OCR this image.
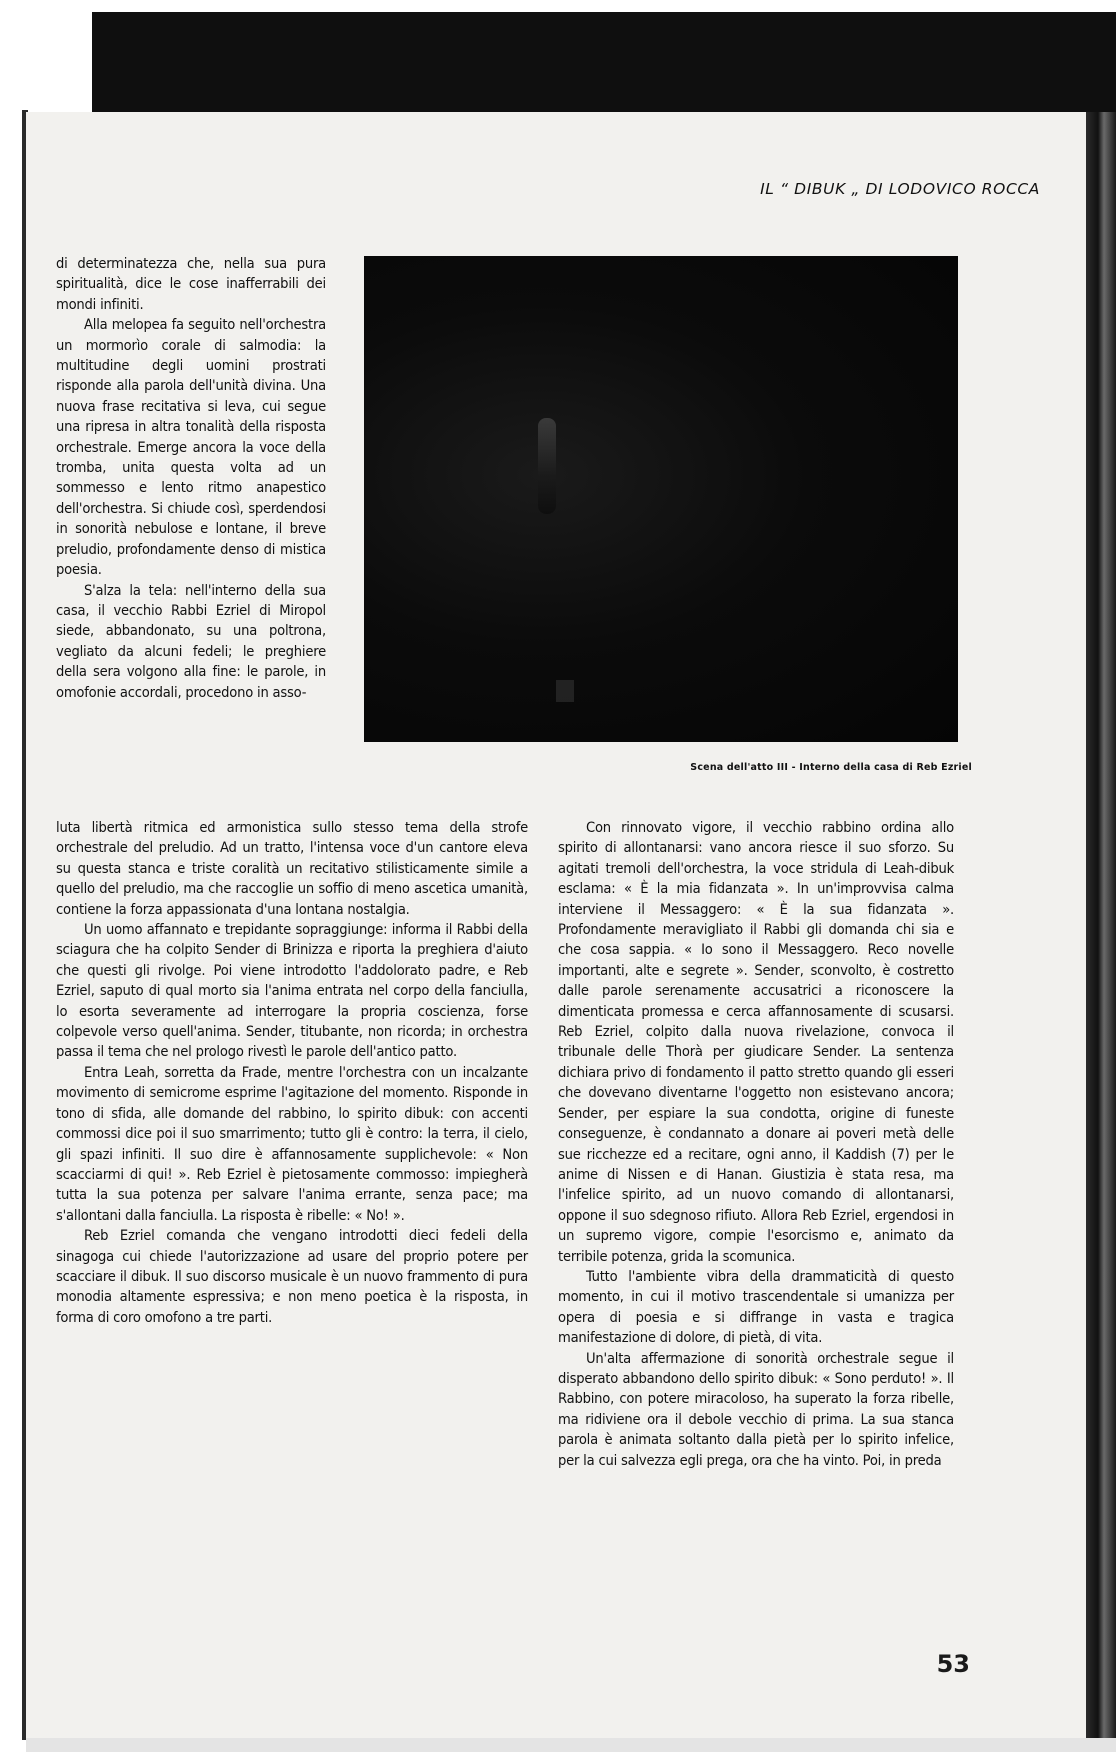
IL “ DIBUK „ DI LODOVICO ROCCA

di determinatezza che, nella sua pura spiritualità, dice le cose inafferrabili dei mondi infiniti.

Alla melopea fa seguito nell'orchestra un mormorìo corale di salmodia: la multitudine degli uomini prostrati risponde alla parola dell'unità divina. Una nuova frase recitativa si leva, cui segue una ripresa in altra tonalità della risposta orchestrale. Emerge ancora la voce della tromba, unita questa volta ad un sommesso e lento ritmo anapestico dell'orchestra. Si chiude così, sperdendosi in sonorità nebulose e lontane, il breve preludio, profondamente denso di mistica poesia.

S'alza la tela: nell'interno della sua casa, il vecchio Rabbi Ezriel di Miropol siede, abbandonato, su una poltrona, vegliato da alcuni fedeli; le preghiere della sera volgono alla fine: le parole, in omofonie accordali, procedono in asso-

Scena dell'atto III - Interno della casa di Reb Ezriel

luta libertà ritmica ed armonistica sullo stesso tema della strofe orchestrale del preludio. Ad un tratto, l'intensa voce d'un cantore eleva su questa stanca e triste coralità un recitativo stilisticamente simile a quello del preludio, ma che raccoglie un soffio di meno ascetica umanità, contiene la forza appassionata d'una lontana nostalgia.

Un uomo affannato e trepidante sopraggiunge: informa il Rabbi della sciagura che ha colpito Sender di Brinizza e riporta la preghiera d'aiuto che questi gli rivolge. Poi viene introdotto l'addolorato padre, e Reb Ezriel, saputo di qual morto sia l'anima entrata nel corpo della fanciulla, lo esorta severamente ad interrogare la propria coscienza, forse colpevole verso quell'anima. Sender, titubante, non ricorda; in orchestra passa il tema che nel prologo rivestì le parole dell'antico patto.

Entra Leah, sorretta da Frade, mentre l'orchestra con un incalzante movimento di semicrome esprime l'agitazione del momento. Risponde in tono di sfida, alle domande del rabbino, lo spirito dibuk: con accenti commossi dice poi il suo smarrimento; tutto gli è contro: la terra, il cielo, gli spazi infiniti. Il suo dire è affannosamente supplichevole: « Non scacciarmi di qui! ». Reb Ezriel è pietosamente commosso: impiegherà tutta la sua potenza per salvare l'anima errante, senza pace; ma s'allontani dalla fanciulla. La risposta è ribelle: « No! ».

Reb Ezriel comanda che vengano introdotti dieci fedeli della sinagoga cui chiede l'autorizzazione ad usare del proprio potere per scacciare il dibuk. Il suo discorso musicale è un nuovo frammento di pura monodia altamente espressiva; e non meno poetica è la risposta, in forma di coro omofono a tre parti.

Con rinnovato vigore, il vecchio rabbino ordina allo spirito di allontanarsi: vano ancora riesce il suo sforzo. Su agitati tremoli dell'orchestra, la voce stridula di Leah-dibuk esclama: « È la mia fidanzata ». In un'improvvisa calma interviene il Messaggero: « È la sua fidanzata ». Profondamente meravigliato il Rabbi gli domanda chi sia e che cosa sappia. « Io sono il Messaggero. Reco novelle importanti, alte e segrete ». Sender, sconvolto, è costretto dalle parole serenamente accusatrici a riconoscere la dimenticata promessa e cerca affannosamente di scusarsi. Reb Ezriel, colpito dalla nuova rivelazione, convoca il tribunale delle Thorà per giudicare Sender. La sentenza dichiara privo di fondamento il patto stretto quando gli esseri che dovevano diventarne l'oggetto non esistevano ancora; Sender, per espiare la sua condotta, origine di funeste conseguenze, è condannato a donare ai poveri metà delle sue ricchezze ed a recitare, ogni anno, il Kaddish (7) per le anime di Nissen e di Hanan. Giustizia è stata resa, ma l'infelice spirito, ad un nuovo comando di allontanarsi, oppone il suo sdegnoso rifiuto. Allora Reb Ezriel, ergendosi in un supremo vigore, compie l'esorcismo e, animato da terribile potenza, grida la scomunica.

Tutto l'ambiente vibra della drammaticità di questo momento, in cui il motivo trascendentale si umanizza per opera di poesia e si diffrange in vasta e tragica manifestazione di dolore, di pietà, di vita.

Un'alta affermazione di sonorità orchestrale segue il disperato abbandono dello spirito dibuk: « Sono perduto! ». Il Rabbino, con potere miracoloso, ha superato la forza ribelle, ma ridiviene ora il debole vecchio di prima. La sua stanca parola è animata soltanto dalla pietà per lo spirito infelice, per la cui salvezza egli prega, ora che ha vinto. Poi, in preda

53
